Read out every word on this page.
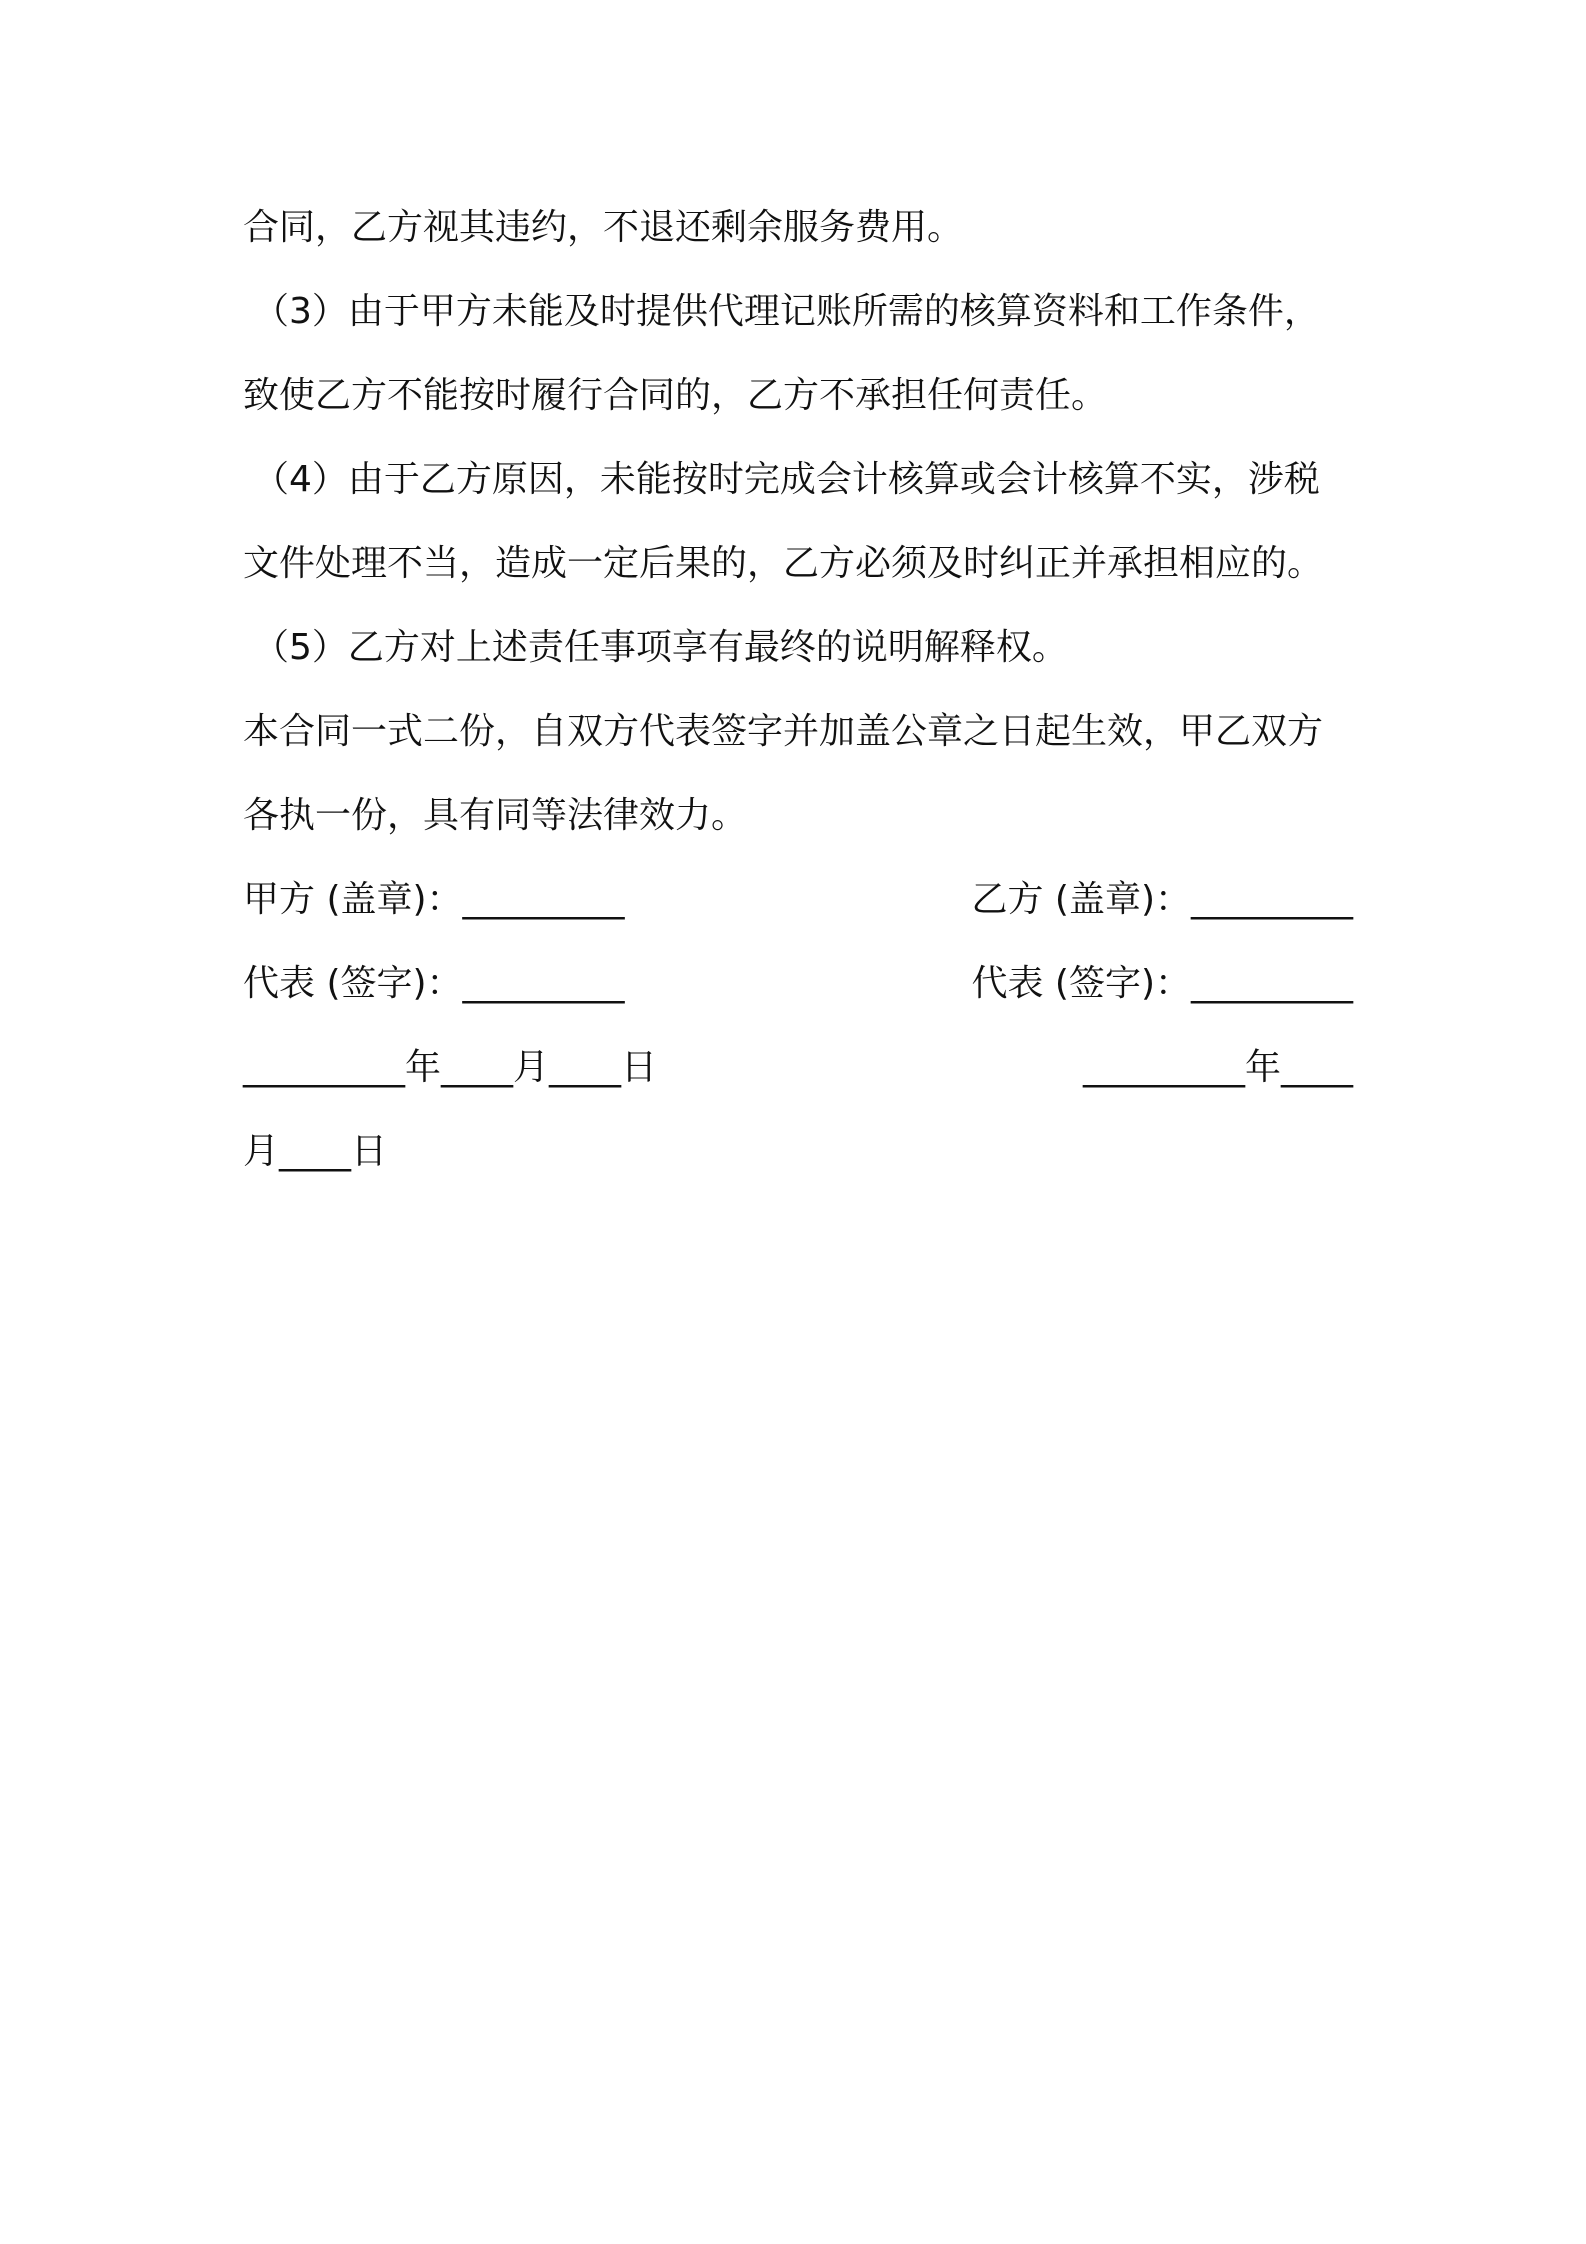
合同，乙方视其违约，不退还剩余服务费用。
（3）由于甲方未能及时提供代理记账所需的核算资料和工作条件，
致使乙方不能按时履行合同的，乙方不承担任何责任。
（4）由于乙方原因，未能按时完成会计核算或会计核算不实，涉税
文件处理不当，造成一定后果的，乙方必须及时纠正并承担相应的。
（5）乙方对上述责任事项享有最终的说明解释权。
本合同一式二份，自双方代表签字并加盖公章之日起生效，甲乙双方
各执一份，具有同等法律效力。
甲方 (盖章)：_________	乙方 (盖章)：_________
代表 (签字)：_________	代表 (签字)：_________
_________年____月____日	_________年____
月____日
